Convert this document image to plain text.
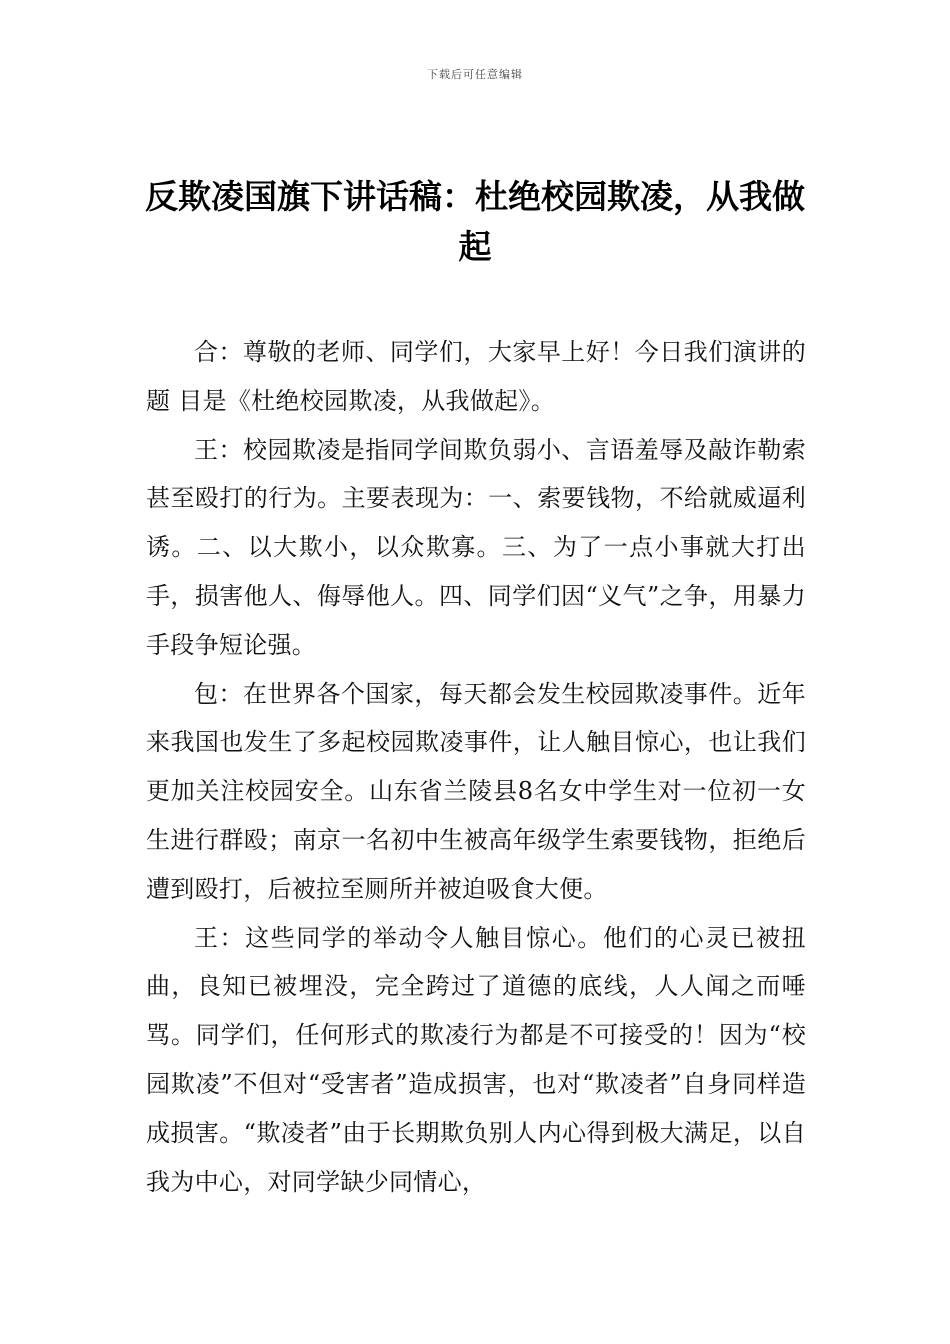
下载后可任意编辑
反欺凌国旗下讲话稿：杜绝校园欺凌，从我做起

合：尊敬的老师、同学们，大家早上好！今日我们演讲的题 目是《杜绝校园欺凌，从我做起》。

王：校园欺凌是指同学间欺负弱小、言语羞辱及敲诈勒索甚至殴打的行为。主要表现为：一、索要钱物，不给就威逼利诱。二、以大欺小，以众欺寡。三、为了一点小事就大打出手，损害他人、侮辱他人。四、同学们因“义气”之争，用暴力手段争短论强。

包：在世界各个国家，每天都会发生校园欺凌事件。近年来我国也发生了多起校园欺凌事件，让人触目惊心，也让我们更加关注校园安全。山东省兰陵县8名女中学生对一位初一女生进行群殴；南京一名初中生被高年级学生索要钱物，拒绝后遭到殴打，后被拉至厕所并被迫吸食大便。

王：这些同学的举动令人触目惊心。他们的心灵已被扭曲，良知已被埋没，完全跨过了道德的底线，人人闻之而唾骂。同学们，任何形式的欺凌行为都是不可接受的！因为“校园欺凌”不但对“受害者”造成损害，也对“欺凌者”自身同样造成损害。“欺凌者”由于长期欺负别人内心得到极大满足，以自我为中心，对同学缺少同情心，
